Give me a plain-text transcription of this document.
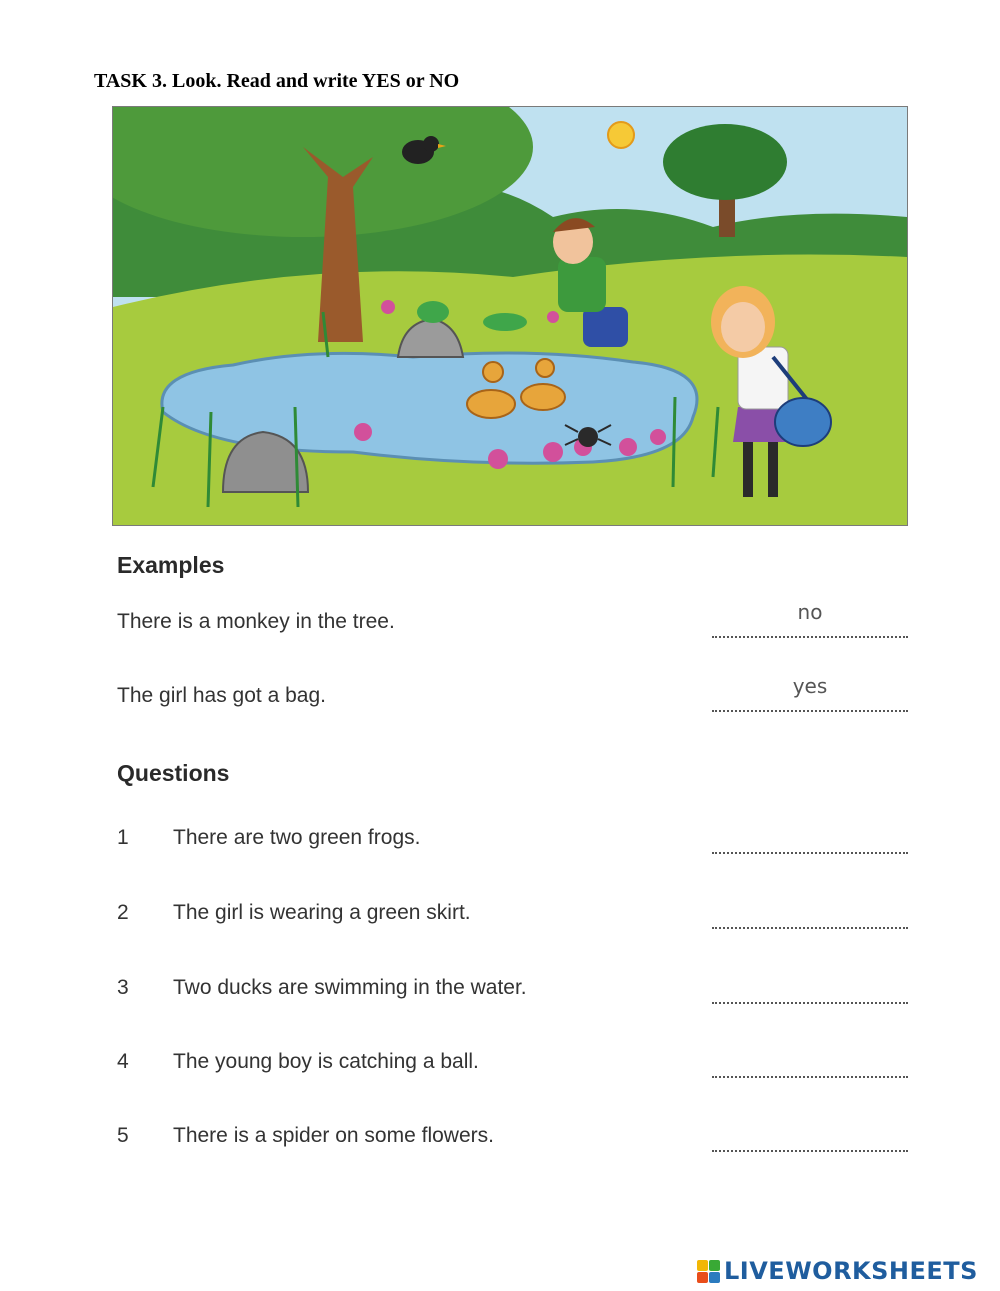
TASK 3. Look. Read and write YES or NO
Examples
There is a monkey in the tree.	no
The girl has got a bag.	yes
Questions
1	There are two green frogs.
2	The girl is wearing a green skirt.
3	Two ducks are swimming in the water.
4	The young boy is catching a ball.
5	There is a spider on some flowers.
LIVEWORKSHEETS
